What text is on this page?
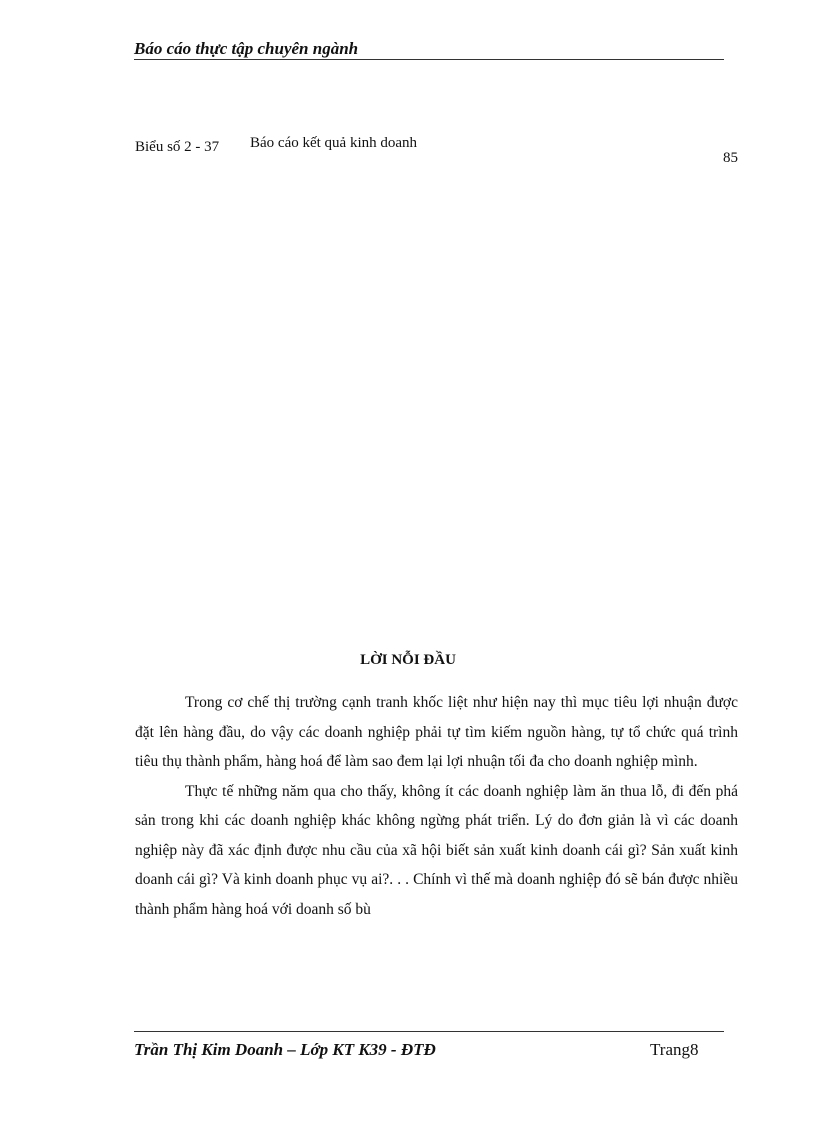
Báo cáo thực tập chuyên ngành
Biểu số 2 - 37 Báo cáo kết quả kinh doanh
85
LỜI NỖI ĐẦU

Trong cơ chế thị trường cạnh tranh khốc liệt như hiện nay thì mục tiêu lợi nhuận được đặt lên hàng đầu, do vậy các doanh nghiệp phải tự tìm kiếm nguồn hàng, tự tổ chức quá trình tiêu thụ thành phẩm, hàng hoá để làm sao đem lại lợi nhuận tối đa cho doanh nghiệp mình.

Thực tế những năm qua cho thấy, không ít các doanh nghiệp làm ăn thua lỗ, đi đến phá sản trong khi các doanh nghiệp khác không ngừng phát triển. Lý do đơn giản là vì các doanh nghiệp này đã xác định được nhu cầu của xã hội biết sản xuất kinh doanh cái gì? Sản xuất kinh doanh cái gì? Và kinh doanh phục vụ ai?. . . Chính vì thế mà doanh nghiệp đó sẽ bán được nhiều thành phẩm hàng hoá với doanh số bù

Trần Thị Kim Doanh – Lớp KT K39 - ĐTĐ	Trang8
